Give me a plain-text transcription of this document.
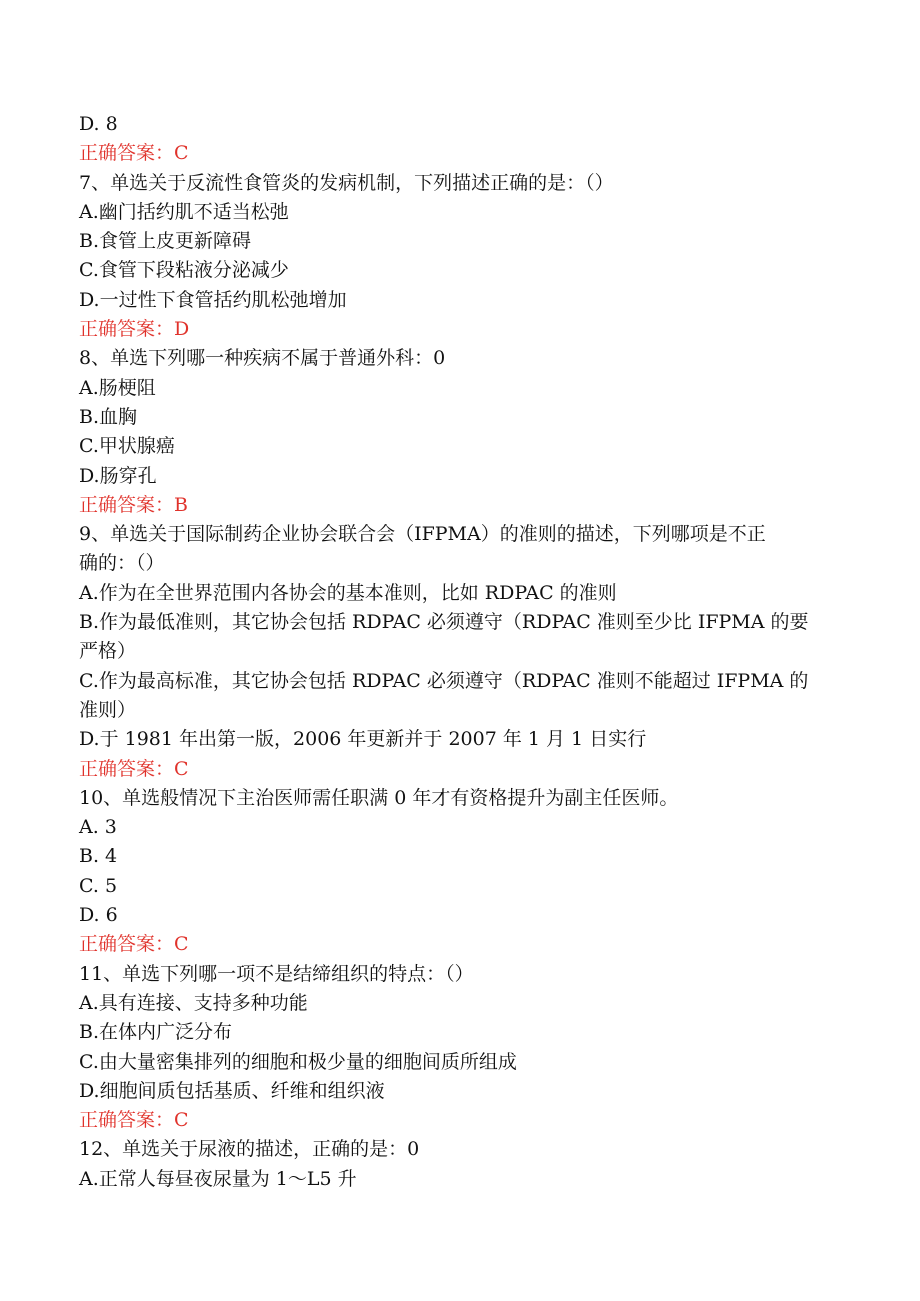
D. 8
正确答案：C
7、单选关于反流性食管炎的发病机制，下列描述正确的是：（）
A.幽门括约肌不适当松弛
B.食管上皮更新障碍
C.食管下段粘液分泌减少
D.一过性下食管括约肌松弛增加
正确答案：D
8、单选下列哪一种疾病不属于普通外科：0
A.肠梗阻
B.血胸
C.甲状腺癌
D.肠穿孔
正确答案：B
9、单选关于国际制药企业协会联合会（IFPMA）的准则的描述，下列哪项是不正
确的：（）
A.作为在全世界范围内各协会的基本准则，比如 RDPAC 的准则
B.作为最低准则，其它协会包括 RDPAC 必须遵守（RDPAC 准则至少比 IFPMA 的要
严格）
C.作为最高标准，其它协会包括 RDPAC 必须遵守（RDPAC 准则不能超过 IFPMA 的
准则）
D.于 1981 年出第一版，2006 年更新并于 2007 年 1 月 1 日实行
正确答案：C
10、单选般情况下主治医师需任职满 0 年才有资格提升为副主任医师。
A. 3
B. 4
C. 5
D. 6
正确答案：C
11、单选下列哪一项不是结缔组织的特点：（）
A.具有连接、支持多种功能
B.在体内广泛分布
C.由大量密集排列的细胞和极少量的细胞间质所组成
D.细胞间质包括基质、纤维和组织液
正确答案：C
12、单选关于尿液的描述，正确的是：0
A.正常人每昼夜尿量为 1～L5 升
